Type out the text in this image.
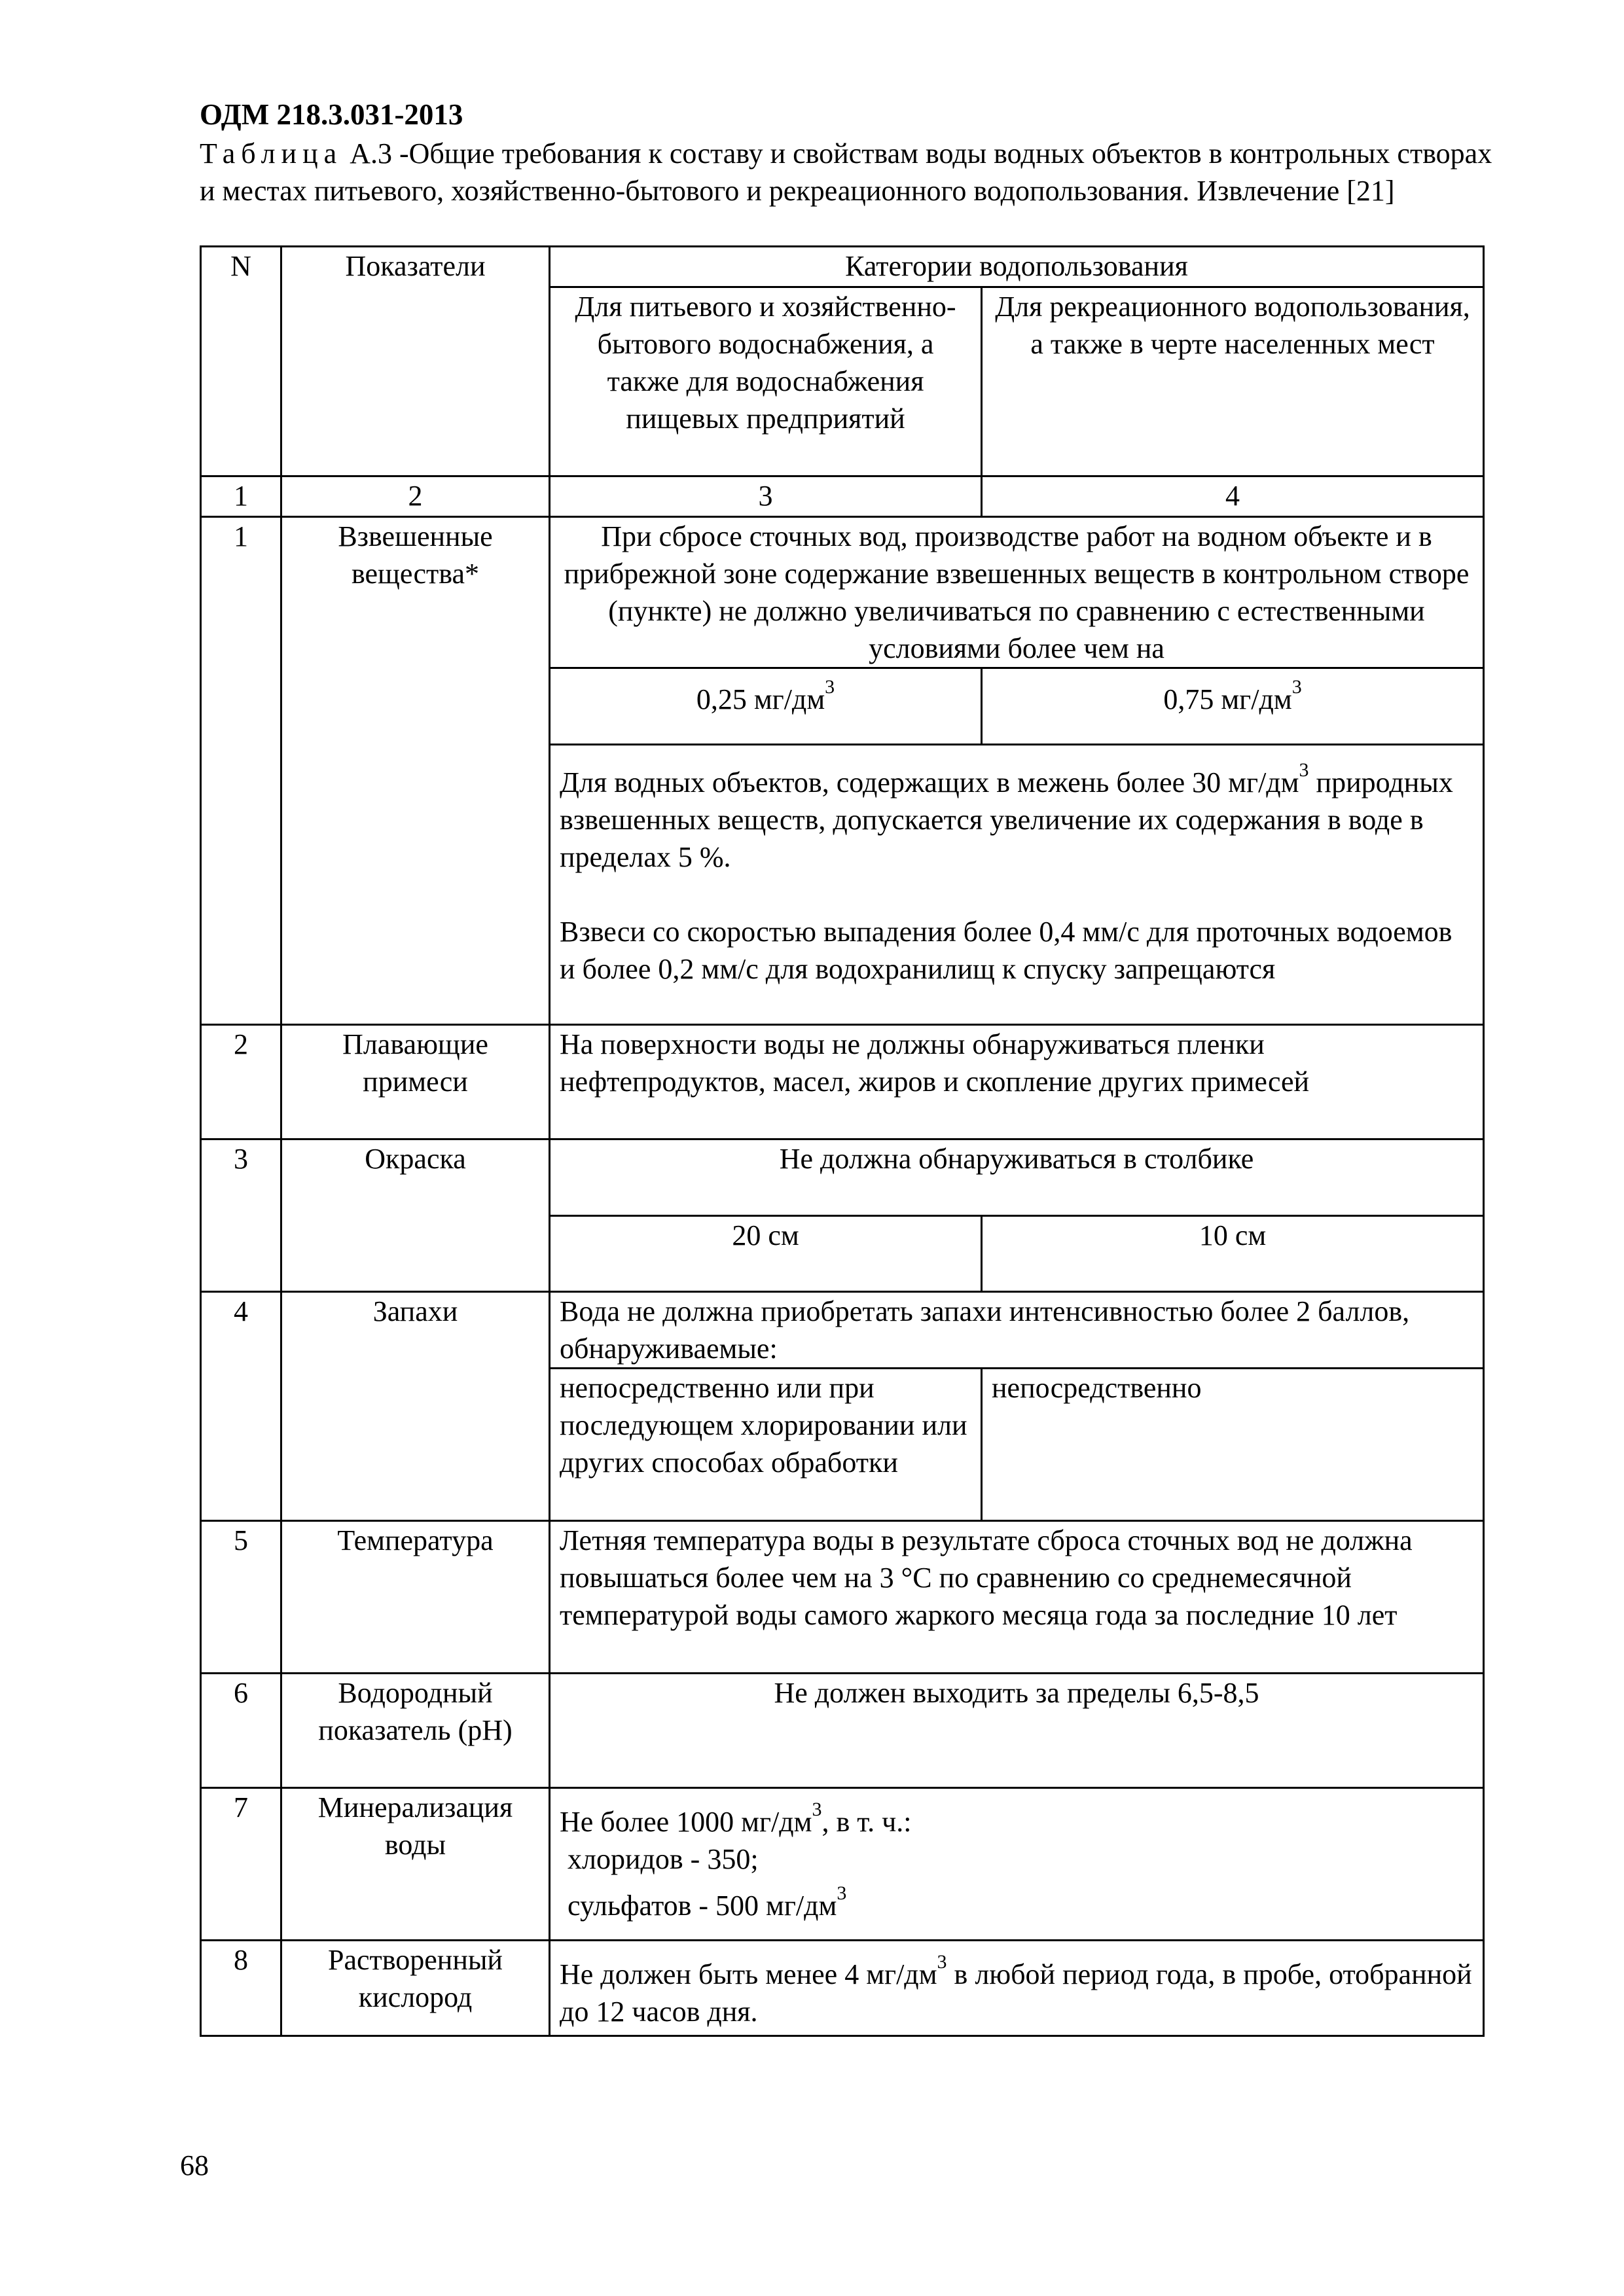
ОДМ 218.3.031-2013
Таблица А.3 -Общие требования к составу и свойствам воды водных объектов в контрольных створах и местах питьевого, хозяйственно-бытового и рекреационного водопользования. Извлечение [21]
N	Показатели	Категории водопользования	
		Для питьевого и хозяйственно-бытового водоснабжения, а также для водоснабжения пищевых предприятий	Для рекреационного водопользования, а также в черте населенных мест
1	2	3	4
1	Взвешенные вещества*	При сбросе сточных вод, производстве работ на водном объекте и в прибрежной зоне содержание взвешенных веществ в контрольном створе (пункте) не должно увеличиваться по сравнению с естественными условиями более чем на	
		0,25 $мг/дм^3$	0,75 $мг/дм^3$

		Для водных объектов, содержащих в межень более 30 $мг/дм^3$ природных взвешенных веществ, допускается увеличение их содержания в воде в пределах 5 %.
Взвеси со скоростью выпадения более 0,4 мм/с для проточных водоемов и более 0,2 мм/с для водохранилищ к спуску запрещаются	

2	Плавающие примеси	На поверхности воды не должны обнаруживаться пленки нефтепродуктов, масел, жиров и скопление других примесей	
3	Окраска	Не должна обнаруживаться в столбике	
		20 см	10 см
4	Запахи	Вода не должна приобретать запахи интенсивностью более 2 баллов, обнаруживаемые:	
		непосредственно или при последующем хлорировании или других способах обработки	непосредственно
5	Температура	Летняя температура воды в результате сброса сточных вод не должна повышаться более чем на 3 °С по сравнению со среднемесячной температурой воды самого жаркого месяца года за последние 10 лет	
6	Водородный показатель (рН)	Не должен выходить за пределы 6,5-8,5	
7	Минерализация воды	Не более 1000 $мг/дм^3$, в т. ч.:
хлоридов - 350;
сульфатов - 500 $мг/дм^3$

8	Растворенный кислород	Не должен быть менее 4 $мг/дм^3$ в любой период года, в пробе, отобранной до 12 часов дня.	
68
